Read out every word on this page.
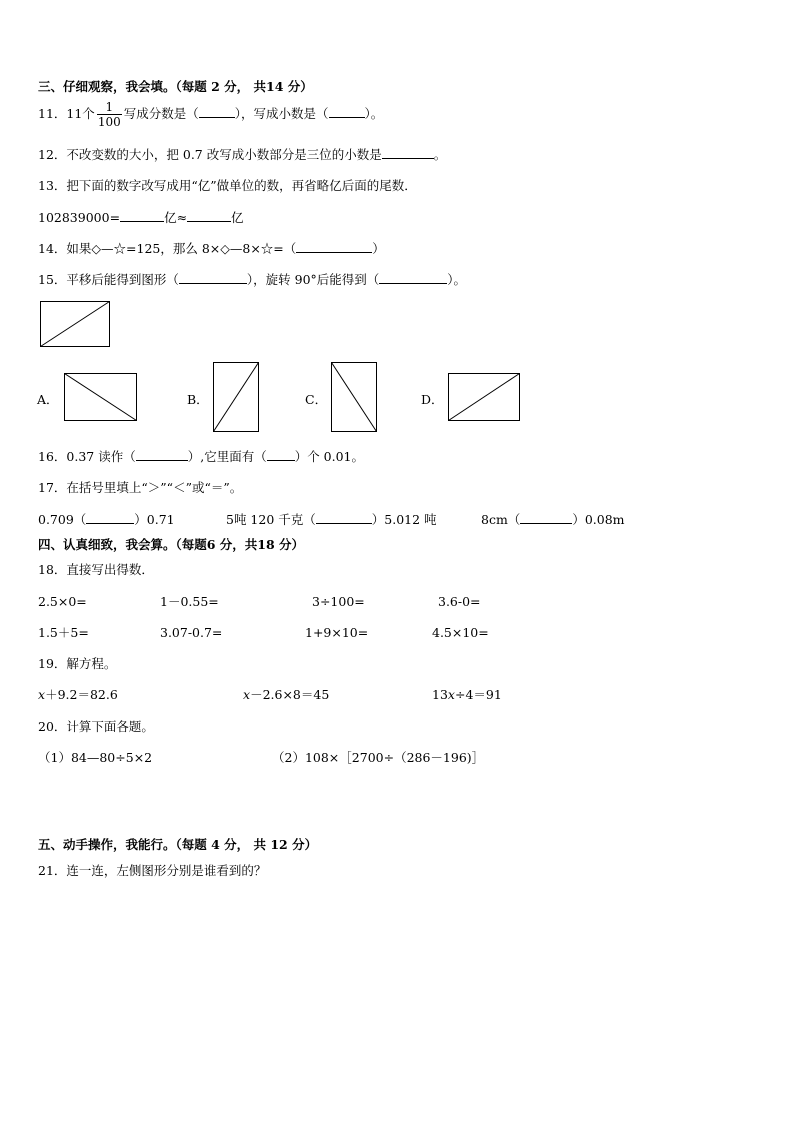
三、仔细观察，我会填。（每题 2 分， 共14 分）
11．11个 $\frac{1}{100}$ 写成分数是（	），写成小数是（	）。
12．不改变数的大小，把 0.7 改写成小数部分是三位的小数是	。
13．把下面的数字改写成用“亿”做单位的数，再省略亿后面的尾数．
102839000=	亿≈	亿
14．如果◇—☆=125，那么 8×◇—8×☆=（	）
15．平移后能得到图形（	），旋转 90°后能得到（	）。
A．	B．	C．	D．
16．0.37 读作（	）,它里面有（ ）个 0.01。
17．在括号里填上“＞”“＜”或“＝”。
0.709（	）0.71	5吨 120 千克（	）5.012 吨	8cm（	）0.08m
四、认真细致，我会算。（每题6 分，共18 分）
18．直接写出得数．
2.5×0=	1－0.55=	3÷100=	3.6-0=
1.5＋5=	3.07-0.7=	1+9×10=	4.5×10=
19．解方程。
x＋9.2＝82.6	x－2.6×8＝45	13x÷4＝91
20．计算下面各题。
（1）84—80÷5×2	（2）108×［2700÷（286－196)］
五、动手操作，我能行。（每题 4 分， 共 12 分）
21．连一连，左侧图形分别是谁看到的？
